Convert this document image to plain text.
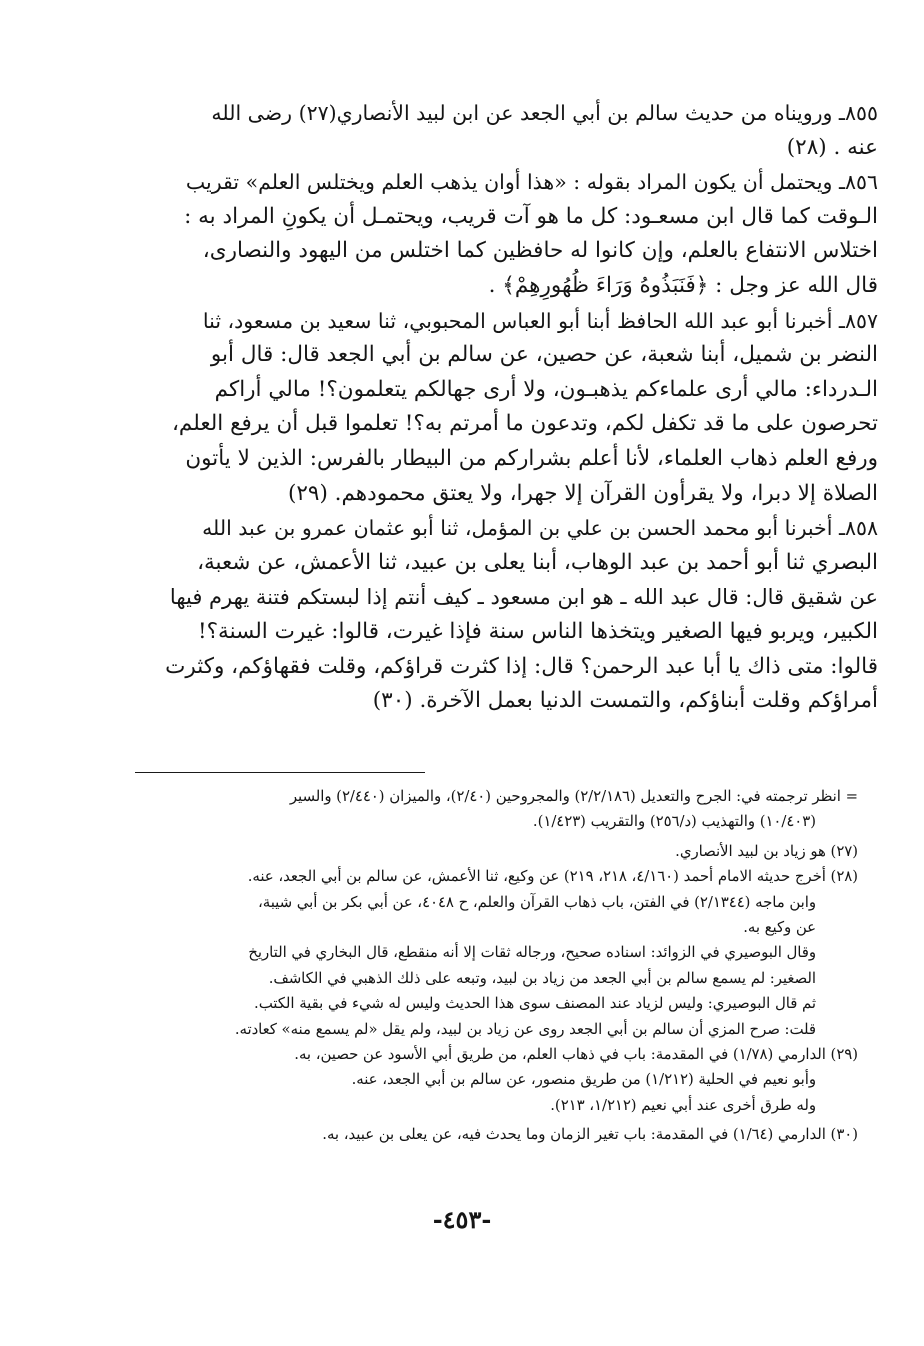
٨٥٥ـ ورويناه من حديث سالم بن أبي الجعد عن ابن لبيد الأنصاري(٢٧) رضى الله
عنه . (٢٨)
٨٥٦ـ ويحتمل أن يكون المراد بقوله : «هذا أوان يذهب العلم ويختلس العلم» تقريب
الـوقت كما قال ابن مسعـود: كل ما هو آت قريب، ويحتمـل أن يكونِ المراد به :
اختلاس الانتفاع بالعلم، وإن كانوا له حافظين كما اختلس من اليهود والنصارى،
قال الله عز وجل : ﴿فَنَبَذُوهُ وَرَاءَ ظُهُورِهِمْ﴾ .
٨٥٧ـ أخبرنا أبو عبد الله الحافظ أبنا أبو العباس المحبوبي، ثنا سعيد بن مسعود، ثنا
النضر بن شميل، أبنا شعبة، عن حصين، عن سالم بن أبي الجعد قال: قال أبو
الـدرداء: مالي أرى علماءكم يذهبـون، ولا أرى جهالكم يتعلمون؟! مالي أراكم
تحرصون على ما قد تكفل لكم، وتدعون ما أمرتم به؟! تعلموا قبل أن يرفع العلم،
ورفع العلم ذهاب العلماء، لأنا أعلم بشراركم من البيطار بالفرس: الذين لا يأتون
الصلاة إلا دبرا، ولا يقرأون القرآن إلا جهرا، ولا يعتق محمودهم. (٢٩)
٨٥٨ـ أخبرنا أبو محمد الحسن بن علي بن المؤمل، ثنا أبو عثمان عمرو بن عبد الله
البصري ثنا أبو أحمد بن عبد الوهاب، أبنا يعلى بن عبيد، ثنا الأعمش، عن شعبة،
عن شقيق قال: قال عبد الله ـ هو ابن مسعود ـ كيف أنتم إذا لبستكم فتنة يهرم فيها
الكبير، ويربو فيها الصغير ويتخذها الناس سنة فإذا غيرت، قالوا: غيرت السنة؟!
قالوا: متى ذاك يا أبا عبد الرحمن؟ قال: إذا كثرت قراؤكم، وقلت فقهاؤكم، وكثرت
أمراؤكم وقلت أبناؤكم، والتمست الدنيا بعمل الآخرة. (٣٠)
= انظر ترجمته في: الجرح والتعديل (٢/٢/١٨٦) والمجروحين (٢/٤٠)، والميزان (٢/٤٤٠) والسير
(١٠/٤٠٣) والتهذيب (د/٢٥٦) والتقريب (١/٤٢٣).
(٢٧) هو زياد بن لبيد الأنصاري.
(٢٨) أخرج حديثه الامام أحمد (٤/١٦٠، ٢١٨، ٢١٩) عن وكيع، ثنا الأعمش، عن سالم بن أبي الجعد، عنه.
وابن ماجه (٢/١٣٤٤) في الفتن، باب ذهاب القرآن والعلم، ح ٤٠٤٨، عن أبي بكر بن أبي شيبة،
عن وكيع به.
وقال البوصيري في الزوائد: اسناده صحيح، ورجاله ثقات إلا أنه منقطع، قال البخاري في التاريخ
الصغير: لم يسمع سالم بن أبي الجعد من زياد بن لبيد، وتبعه على ذلك الذهبي في الكاشف.
ثم قال البوصيري: وليس لزياد عند المصنف سوى هذا الحديث وليس له شيء في بقية الكتب.
قلت: صرح المزي أن سالم بن أبي الجعد روى عن زياد بن لبيد، ولم يقل «لم يسمع منه» كعادته.
(٢٩) الدارمي (١/٧٨) في المقدمة: باب في ذهاب العلم، من طريق أبي الأسود عن حصين، به.
وأبو نعيم في الحلية (١/٢١٢) من طريق منصور، عن سالم بن أبي الجعد، عنه.
وله طرق أخرى عند أبي نعيم (١/٢١٢، ٢١٣).
(٣٠) الدارمي (١/٦٤) في المقدمة: باب تغير الزمان وما يحدث فيه، عن يعلى بن عبيد، به.
-٤٥٣-
